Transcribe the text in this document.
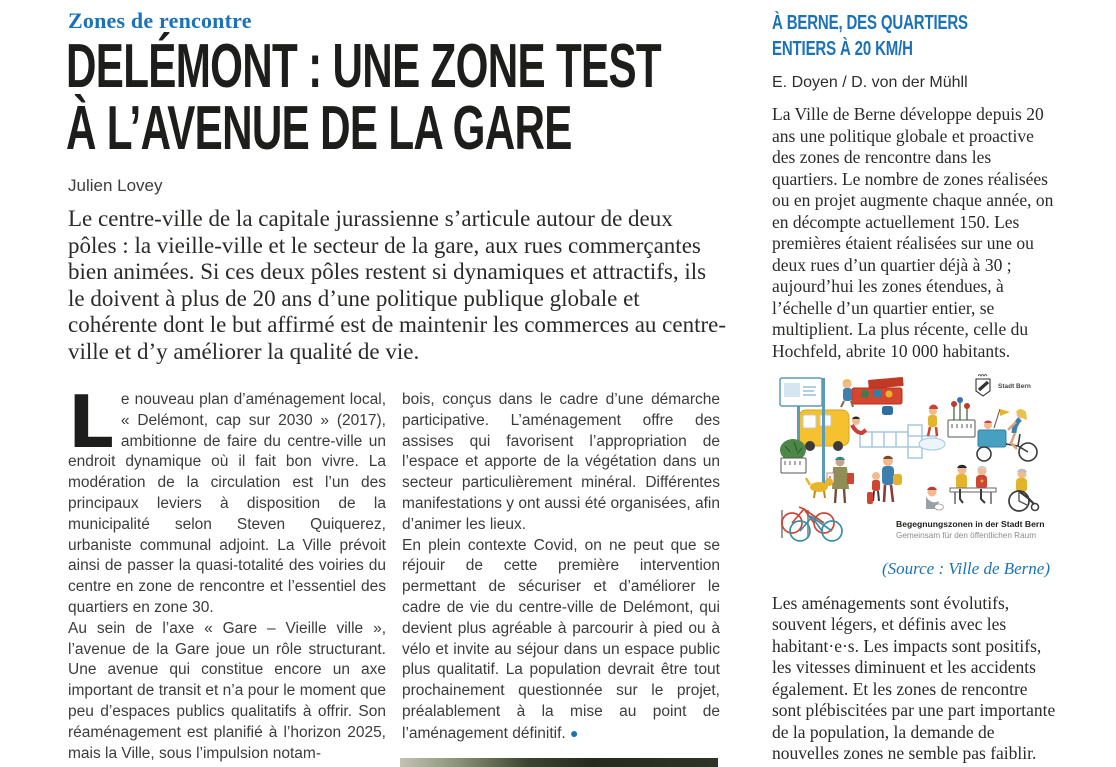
Zones de rencontre
DELÉMONT : UNE ZONE TEST
À L’AVENUE DE LA GARE

Julien Lovey

Le centre-ville de la capitale jurassienne s’articule autour de deux pôles : la vieille-ville et le secteur de la gare, aux rues commerçantes bien animées. Si ces deux pôles restent si dynamiques et attractifs, ils le doivent à plus de 20 ans d’une politique publique globale et cohérente dont le but affirmé est de maintenir les commerces au centre-ville et d’y améliorer la qualité de vie.

Le nouveau plan d’aménagement local, « Delémont, cap sur 2030 » (2017), ambitionne de faire du centre-ville un endroit dynamique où il fait bon vivre. La modération de la circulation est l’un des principaux leviers à disposition de la municipalité selon Steven Quiquerez, urbaniste communal adjoint. La Ville prévoit ainsi de passer la quasi-totalité des voiries du centre en zone de rencontre et l’essentiel des quartiers en zone 30.

Au sein de l’axe « Gare – Vieille ville », l’avenue de la Gare joue un rôle structurant. Une avenue qui constitue encore un axe important de transit et n’a pour le moment que peu d’espaces publics qualitatifs à offrir. Son réaménagement est planifié à l’horizon 2025, mais la Ville, sous l’impulsion notam-

bois, conçus dans le cadre d’une démarche participative. L’aménagement offre des assises qui favorisent l’appropriation de l’espace et apporte de la végétation dans un secteur particulièrement minéral. Différentes manifestations y ont aussi été organisées, afin d’animer les lieux.

En plein contexte Covid, on ne peut que se réjouir de cette première intervention permettant de sécuriser et d’améliorer le cadre de vie du centre-ville de Delémont, qui devient plus agréable à parcourir à pied ou à vélo et invite au séjour dans un espace public plus qualitatif. La population devrait être tout prochainement questionnée sur le projet, préalablement à la mise au point de l’aménagement définitif. ●

À BERNE, DES QUARTIERS
ENTIERS À 20 KM/H

E. Doyen / D. von der Mühll

La Ville de Berne développe depuis 20 ans une politique globale et proactive des zones de rencontre dans les quartiers. Le nombre de zones réalisées ou en projet augmente chaque année, on en décompte actuellement 150. Les premières étaient réalisées sur une ou deux rues d’un quartier déjà à 30 ; aujourd’hui les zones étendues, à l’échelle d’un quartier entier, se multiplient. La plus récente, celle du Hochfeld, abrite 10 000 habitants.

Stadt Bern
Begegnungszonen in der Stadt Bern
Gemeinsam für den öffentlichen Raum

(Source : Ville de Berne)

Les aménagements sont évolutifs, souvent légers, et définis avec les habitant·e·s. Les impacts sont positifs, les vitesses diminuent et les accidents également. Et les zones de rencontre sont plébiscitées par une part importante de la population, la demande de nouvelles zones ne semble pas faiblir.
